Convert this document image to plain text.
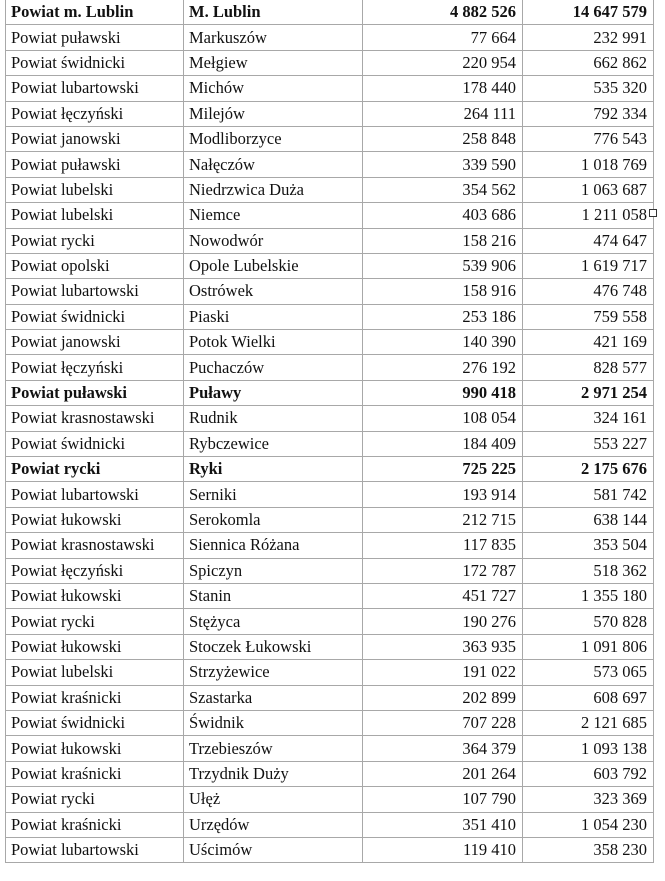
Powiat m. Lublin	M. Lublin	4 882 526	14 647 579
Powiat puławski	Markuszów	77 664	232 991
Powiat świdnicki	Mełgiew	220 954	662 862
Powiat lubartowski	Michów	178 440	535 320
Powiat łęczyński	Milejów	264 111	792 334
Powiat janowski	Modliborzyce	258 848	776 543
Powiat puławski	Nałęczów	339 590	1 018 769
Powiat lubelski	Niedrzwica Duża	354 562	1 063 687
Powiat lubelski	Niemce	403 686	1 211 058
Powiat rycki	Nowodwór	158 216	474 647
Powiat opolski	Opole Lubelskie	539 906	1 619 717
Powiat lubartowski	Ostrówek	158 916	476 748
Powiat świdnicki	Piaski	253 186	759 558
Powiat janowski	Potok Wielki	140 390	421 169
Powiat łęczyński	Puchaczów	276 192	828 577
Powiat puławski	Puławy	990 418	2 971 254
Powiat krasnostawski	Rudnik	108 054	324 161
Powiat świdnicki	Rybczewice	184 409	553 227
Powiat rycki	Ryki	725 225	2 175 676
Powiat lubartowski	Serniki	193 914	581 742
Powiat łukowski	Serokomla	212 715	638 144
Powiat krasnostawski	Siennica Różana	117 835	353 504
Powiat łęczyński	Spiczyn	172 787	518 362
Powiat łukowski	Stanin	451 727	1 355 180
Powiat rycki	Stężyca	190 276	570 828
Powiat łukowski	Stoczek Łukowski	363 935	1 091 806
Powiat lubelski	Strzyżewice	191 022	573 065
Powiat kraśnicki	Szastarka	202 899	608 697
Powiat świdnicki	Świdnik	707 228	2 121 685
Powiat łukowski	Trzebieszów	364 379	1 093 138
Powiat kraśnicki	Trzydnik Duży	201 264	603 792
Powiat rycki	Ułęż	107 790	323 369
Powiat kraśnicki	Urzędów	351 410	1 054 230
Powiat lubartowski	Uścimów	119 410	358 230
